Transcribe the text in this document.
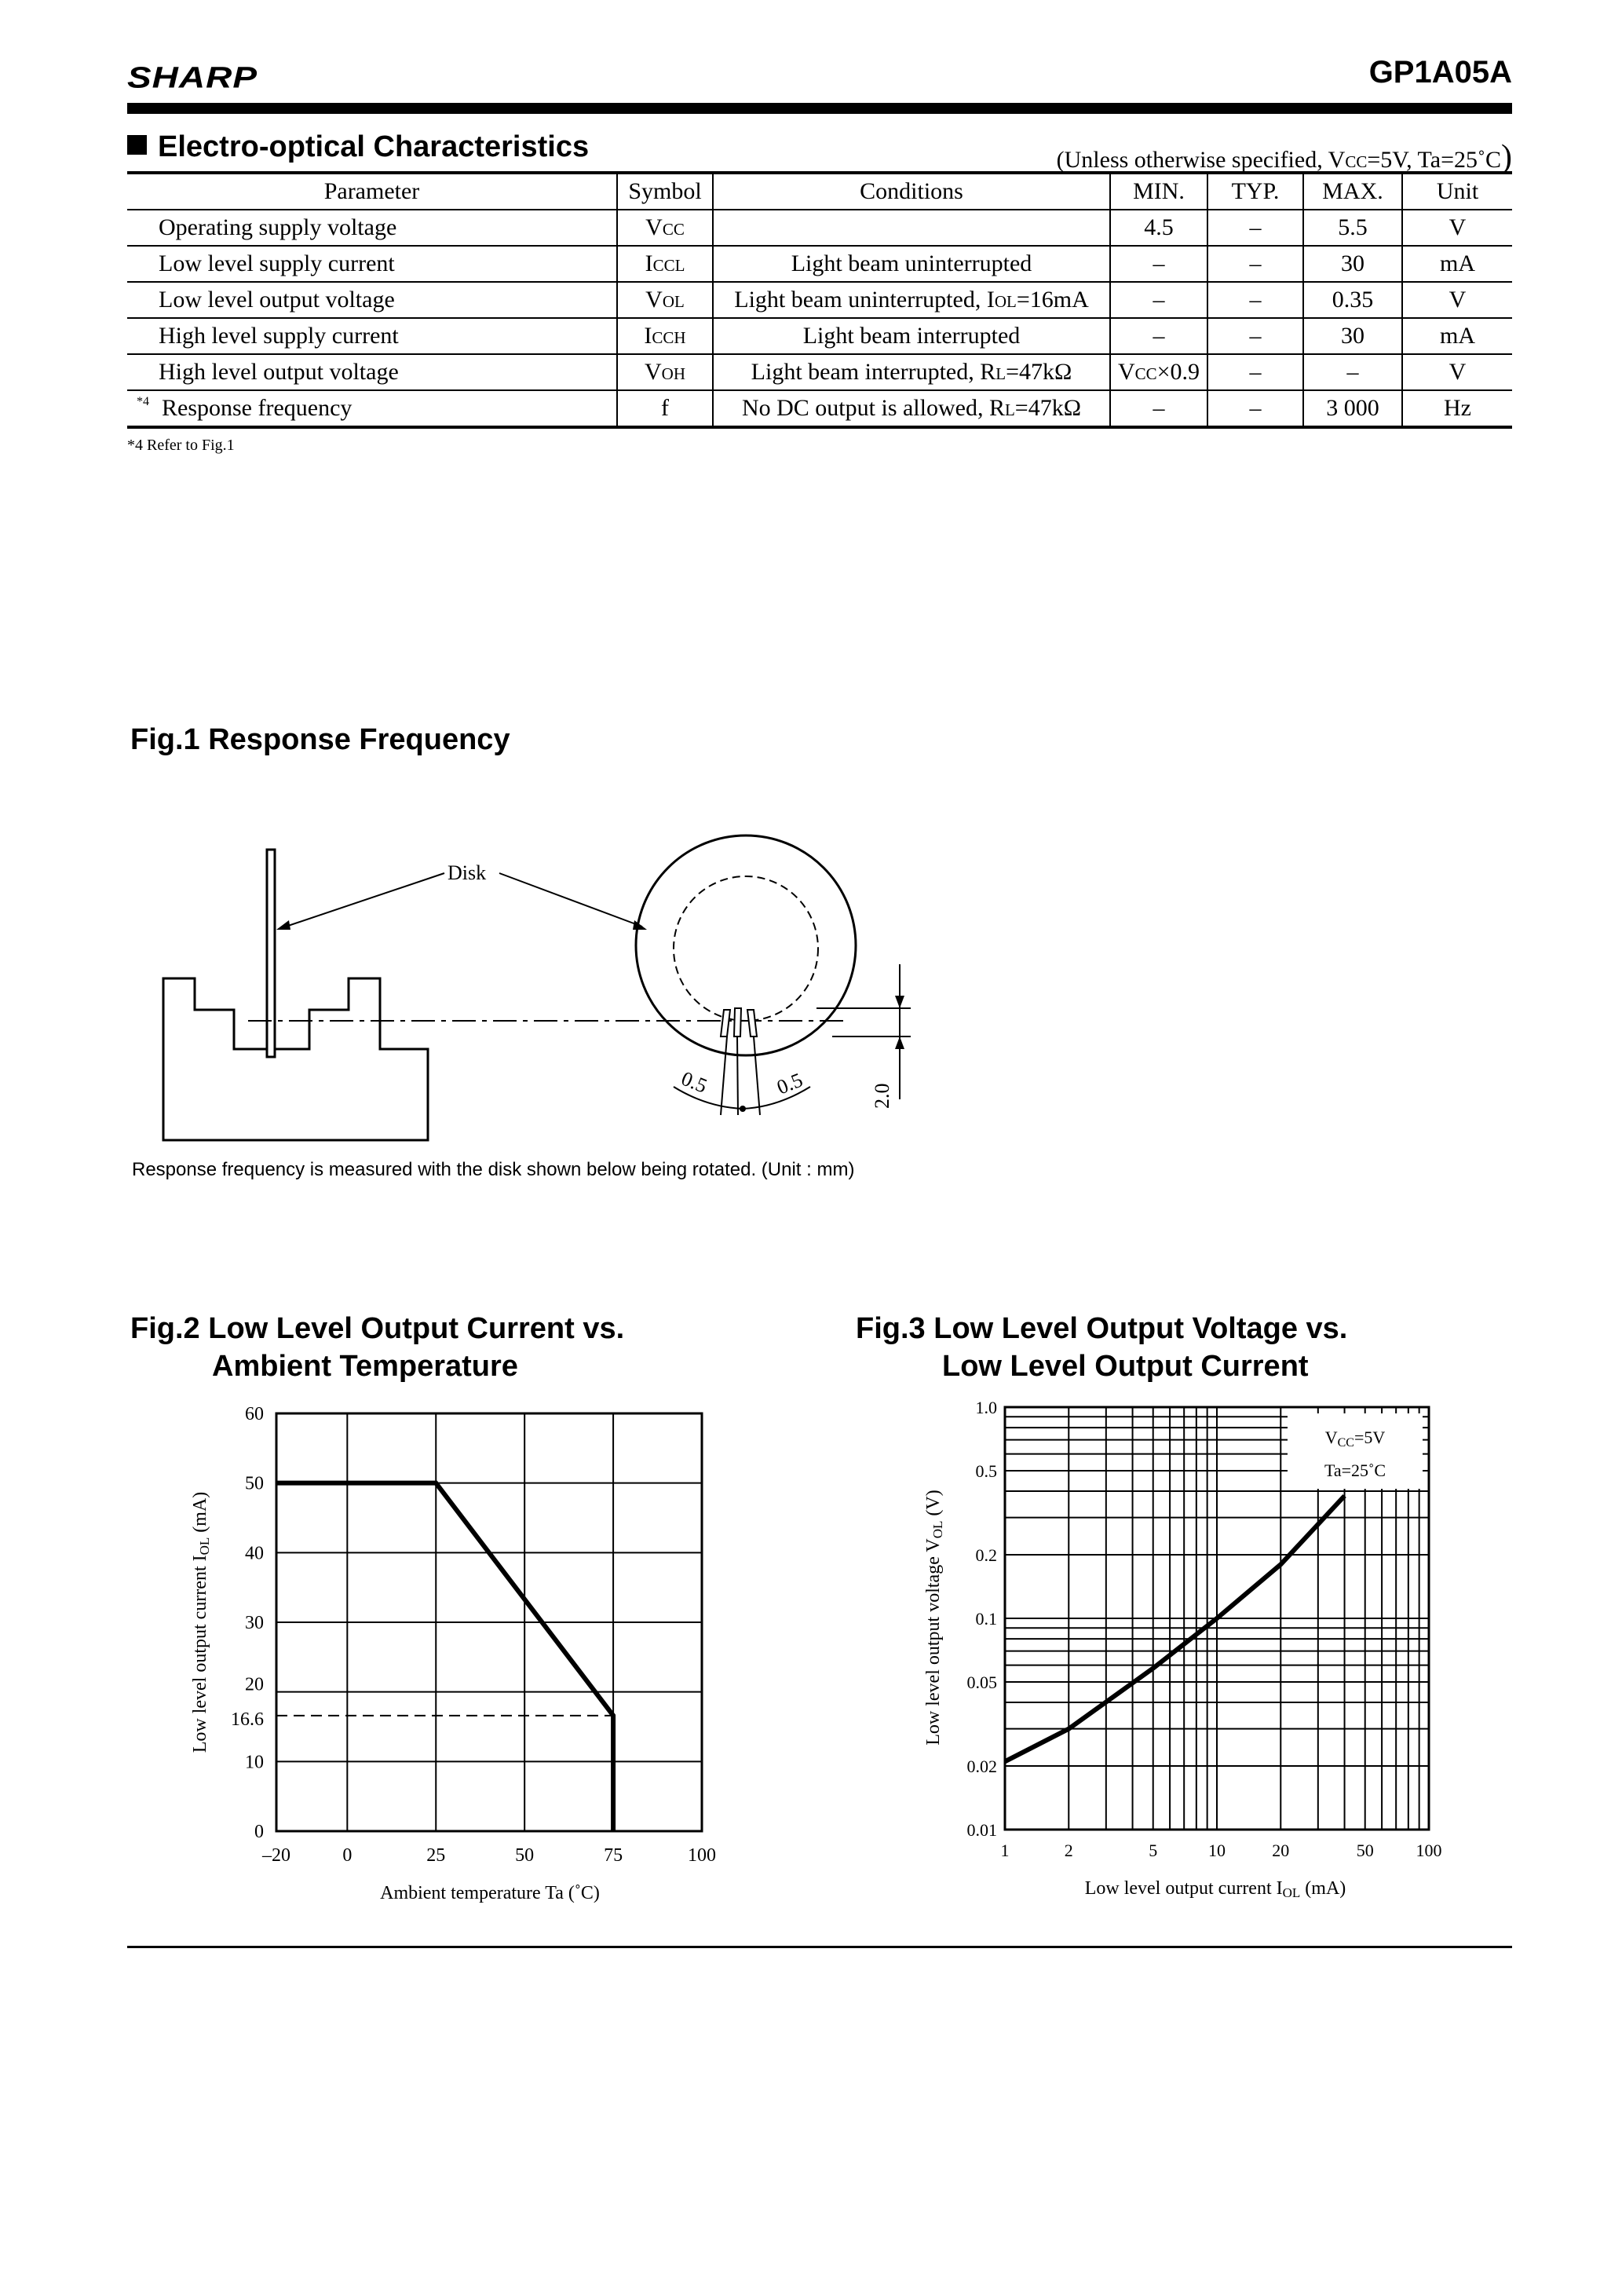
SHARP	GP1A05A
Electro-optical Characteristics	(Unless otherwise specified, VCC=5V, Ta=25˚C)
Parameter	Symbol	Conditions	MIN.	TYP.	MAX.	Unit
Operating supply voltage	VCC		4.5	–	5.5	V
Low level supply current	ICCL	Light beam uninterrupted	–	–	30	mA
Low level output voltage	VOL	Light beam uninterrupted, IOL=16mA	–	–	0.35	V
High level supply current	ICCH	Light beam interrupted	–	–	30	mA
High level output voltage	VOH	Light beam interrupted, RL=47kΩ	VCC×0.9	–	–	V
$^{*4}$ Response frequency	f	No DC output is allowed, RL=47kΩ	–	–	3 000	Hz
*4 Refer to Fig.1
Fig.1 Response Frequency
Disk
0.5	0.5	2.0
Response frequency is measured with the disk shown below being rotated. (Unit : mm)
Fig.2 Low Level Output Current vs.
Ambient Temperature
0
10
16.6
20
30
40
50
60
–20	0	25	50	75	100
Low level output current IOL (mA)
Ambient temperature Ta (˚C)
Fig.3 Low Level Output Voltage vs.
Low Level Output Current
VCC=5V
Ta=25˚C
0.01
0.02
0.05
0.1
0.2
0.5
1.0
1	2	5	10	20	50 100
Low level output voltage VOL (V)
Low level output current IOL (mA)
